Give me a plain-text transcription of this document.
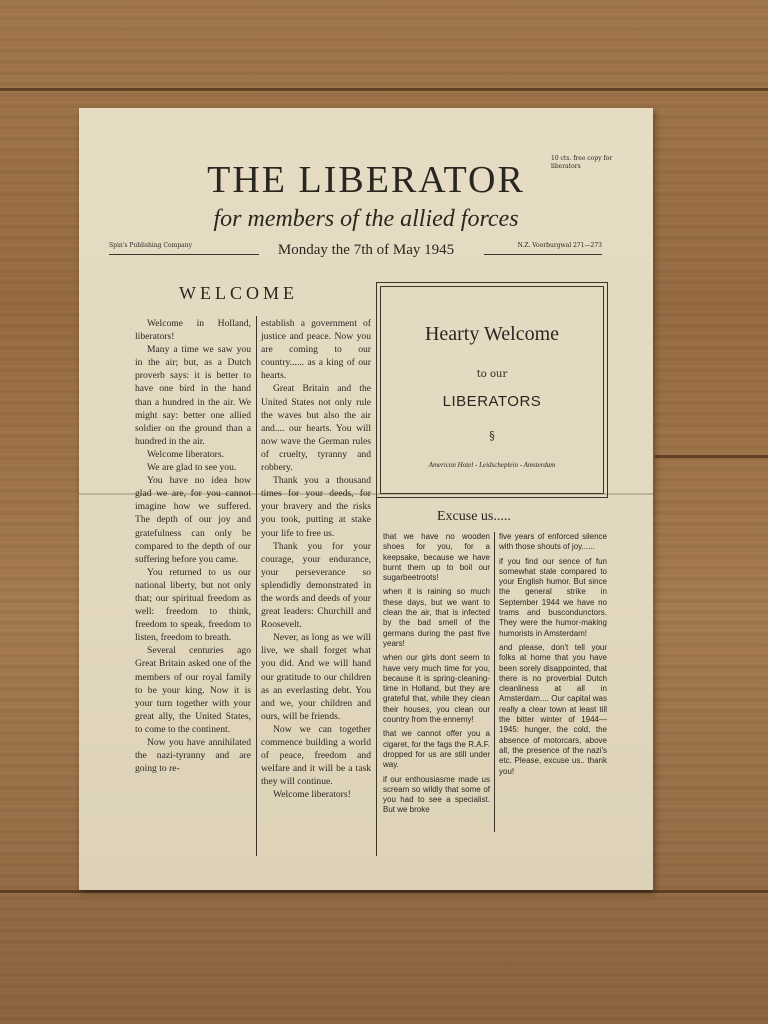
THE LIBERATOR
10 cts. free copy for liberators
for members of the allied forces
Spin's Publishing Company	Monday the 7th of May 1945	N.Z. Voorburgwal 271—273
WELCOME

Welcome in Holland, liberators!

Many a time we saw you in the air; but, as a Dutch proverb says: it is better to have one bird in the hand than a hundred in the air. We might say: better one allied soldier on the ground than a hundred in the air.

Welcome liberators.

We are glad to see you.

You have no idea how glad we are, for you cannot imagine how we suffered. The depth of our joy and gratefulness can only be compared to the depth of our suffering before you came.

You returned to us our national liberty, but not only that; our spiritual freedom as well: freedom to think, freedom to speak, freedom to listen, freedom to breath.

Several centuries ago Great Britain asked one of the members of our royal family to be your king. Now it is your turn together with your great ally, the United States, to come to the continent.

Now you have annihilated the nazi-tyranny and are going to re-

establish a government of justice and peace. Now you are coming to our country...... as a king of our hearts.

Great Britain and the United States not only rule the waves but also the air and.... our hearts. You will now wave the German rules of cruelty, tyranny and robbery.

Thank you a thousand times for your deeds, for your bravery and the risks you took, putting at stake your life to free us.

Thank you for your courage, your endurance, your perseverance so splendidly demonstrated in the words and deeds of your great leaders: Churchill and Roosevelt.

Never, as long as we will live, we shall forget what you did. And we will hand our gratitude to our children as an everlasting debt. You and we, your children and ours, will be friends.

Now we can together commence building a world of peace, freedom and welfare and it will be a task they will continue.

Welcome liberators!

Hearty Welcome
to our
LIBERATORS
§
Americon Hotel - Leidscheplein - Amsterdam
Excuse us.....

that we have no wooden shoes for you, for a keepsake, because we have burnt them up to boil our sugarbeetroots!

when it is raining so much these days, but we want to clean the air, that is infected by the bad smell of the germans during the past five years!

when our girls dont seem to have very much time for you, because it is spring-cleaning-time in Holland, but they are grateful that, while they clean their houses, you clean our country from the ennemy!

that we cannot offer you a cigaret, for the fags the R.A.F. dropped for us are still under way.

if our enthousiasme made us scream so wildly that some of you had to see a specialist. But we broke

five years of enforced silence with those shouts of joy......

if you find our sence of fun somewhat stale compared to your English humor. But since the general strike in September 1944 we have no trams and buscondunctors. They were the humor-making humorists in Amsterdam!

and please, don't tell your folks at home that you have been sorely disappointed, that there is no proverbial Dutch cleanliness at all in Amsterdam.... Our capital was really a clear town at least till the bitter winter of 1944—1945: hunger, the cold, the absence of motorcars, above all, the presence of the nazi's etc. Please, excuse us.. thank you!
